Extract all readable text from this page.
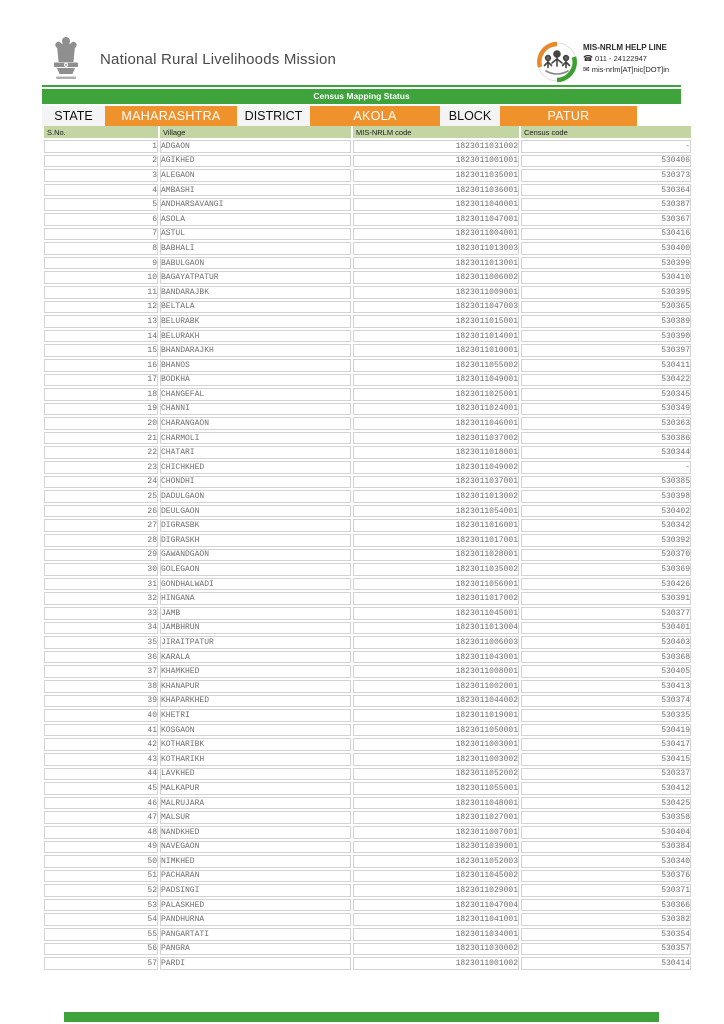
National Rural Livelihoods Mission
MIS-NRLM HELP LINE
☎ 011 - 24122947
✉ mis-nrlm[AT]nic[DOT]in
Census Mapping Status
STATE	MAHARASHTRA	DISTRICT	AKOLA	BLOCK	PATUR
S.No.	Village	MIS-NRLM code	Census code
1	ADGAON	1823011031002	-
2	AGIKHED	1823011001001	530406
3	ALEGAON	1823011035001	530373
4	AMBASHI	1823011036001	530364
5	ANDHARSAVANGI	1823011040001	530387
6	ASOLA	1823011047001	530367
7	ASTUL	1823011004001	530416
8	BABHALI	1823011013003	530400
9	BABULGAON	1823011013001	530399
10	BAGAYATPATUR	1823011006002	530410
11	BANDARAJBK	1823011009001	530395
12	BELTALA	1823011047003	530365
13	BELURABK	1823011015001	530389
14	BELURAKH	1823011014001	530390
15	BHANDARAJKH	1823011010001	530397
16	BHANOS	1823011055002	530411
17	BODKHA	1823011049001	530422
18	CHANGEFAL	1823011025001	530345
19	CHANNI	1823011024001	530349
20	CHARANGAON	1823011046001	530363
21	CHARMOLI	1823011037002	530386
22	CHATARI	1823011018001	530344
23	CHICHKHED	1823011049002	-
24	CHONDHI	1823011037001	530385
25	DADULGAON	1823011013002	530398
26	DEULGAON	1823011054001	530402
27	DIGRASBK	1823011016001	530342
28	DIGRASKH	1823011017001	530392
29	GAWANDGAON	1823011028001	530370
30	GOLEGAON	1823011035002	530369
31	GONDHALWADI	1823011056001	530426
32	HINGANA	1823011017002	530391
33	JAMB	1823011045001	530377
34	JAMBHRUN	1823011013004	530401
35	JIRAITPATUR	1823011006003	530403
36	KARALA	1823011043001	530368
37	KHAMKHED	1823011008001	530405
38	KHANAPUR	1823011002001	530413
39	KHAPARKHED	1823011044002	530374
40	KHETRI	1823011019001	530335
41	KOSGAON	1823011050001	530419
42	KOTHARIBK	1823011003001	530417
43	KOTHARIKH	1823011003002	530415
44	LAVKHED	1823011052002	530337
45	MALKAPUR	1823011055001	530412
46	MALRUJARA	1823011048001	530425
47	MALSUR	1823011027001	530358
48	NANDKHED	1823011007001	530404
49	NAVEGAON	1823011039001	530384
50	NIMKHED	1823011052003	530340
51	PACHARAN	1823011045002	530376
52	PADSINGI	1823011029001	530371
53	PALASKHED	1823011047004	530366
54	PANDHURNA	1823011041001	530382
55	PANGARTATI	1823011034001	530354
56	PANGRA	1823011030002	530357
57	PARDI	1823011001002	530414
